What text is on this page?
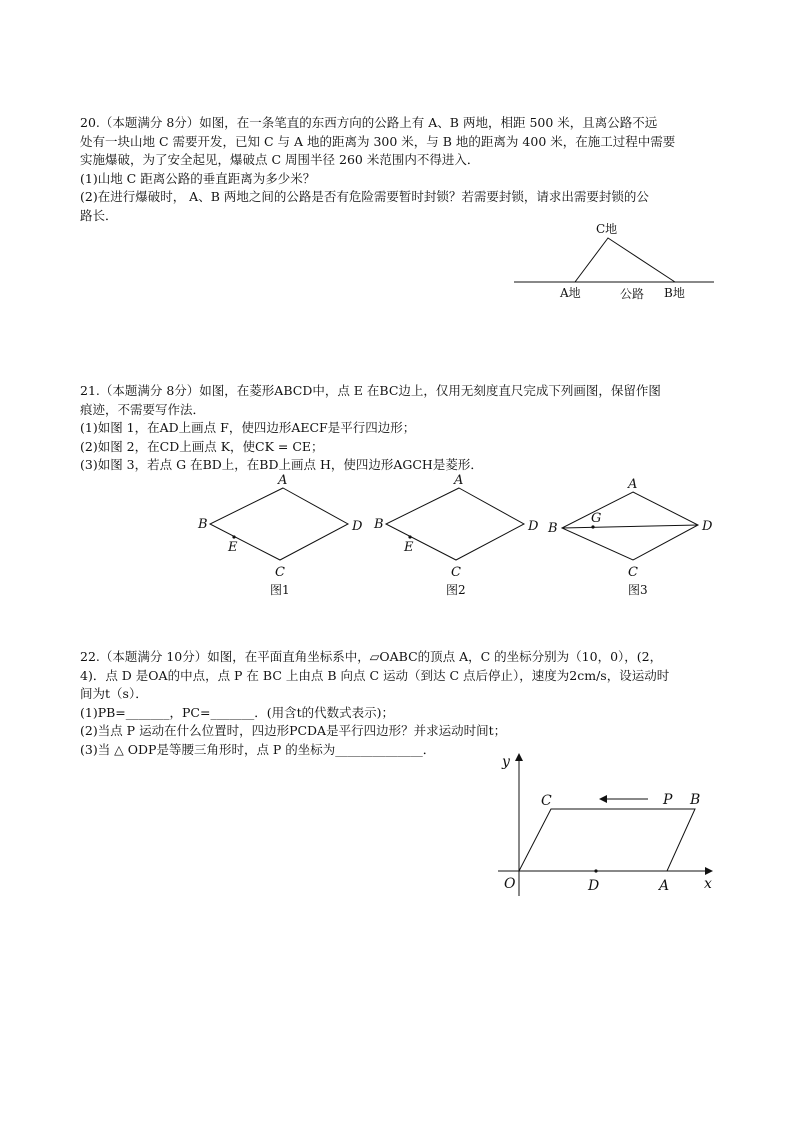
20.（本题满分 8分）如图，在一条笔直的东西方向的公路上有 A、B 两地，相距 500 米，且离公路不远

处有一块山地 C 需要开发，已知 C 与 A 地的距离为 300 米，与 B 地的距离为 400 米，在施工过程中需要

实施爆破，为了安全起见，爆破点 C 周围半径 260 米范围内不得进入．

(1)山地 C 距离公路的垂直距离为多少米？

(2)在进行爆破时， A、B 两地之间的公路是否有危险需要暂时封锁？若需要封锁，请求出需要封锁的公

路长．

C地
A地	公路 B地

21.（本题满分 8分）如图，在菱形ABCD中，点 E 在BC边上，仅用无刻度直尺完成下列画图，保留作图

痕迹，不需要写作法．

(1)如图 1，在AD上画点 F，使四边形AECF是平行四边形；

(2)如图 2，在CD上画点 K，使CK = CE；

(3)如图 3，若点 G 在BD上，在BD上画点 H，使四边形AGCH是菱形．

A
B	D
E
C
图1
A
B	D
E
C
图2
A
B	D
G
C
图3

22.（本题满分 10分）如图，在平面直角坐标系中，▱OABC的顶点 A，C 的坐标分别为（10，0），(2，

4)．点 D 是OA的中点，点 P 在 BC 上由点 B 向点 C 运动（到达 C 点后停止），速度为2cm/s，设运动时

间为t（s）．

(1)PB=_______，PC=_______．(用含t的代数式表示)；

(2)当点 P 运动在什么位置时，四边形PCDA是平行四边形？并求运动时间t；

(3)当 △ ODP是等腰三角形时，点 P 的坐标为______________．

y
x
O	D	A
C	P B
